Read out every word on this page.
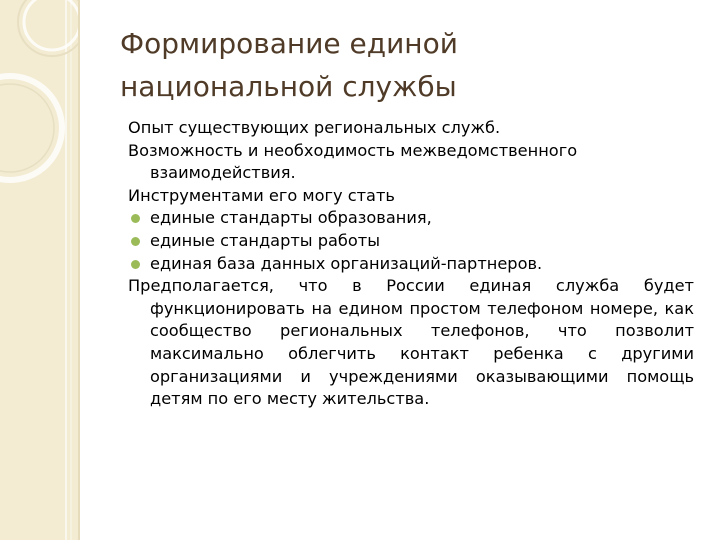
Формирование единой
национальной службы

Опыт существующих региональных служб.

Возможность и необходимость межведомственного взаимодействия.

Инструментами его могу стать

единые стандарты образования,

единые стандарты работы

единая база данных организаций-партнеров.

Предполагается, что в России единая служба будет функционировать на едином простом телефоном номере, как сообщество региональных телефонов, что позволит максимально облегчить контакт ребенка с другими организациями и учреждениями оказывающими помощь детям по его месту жительства.
